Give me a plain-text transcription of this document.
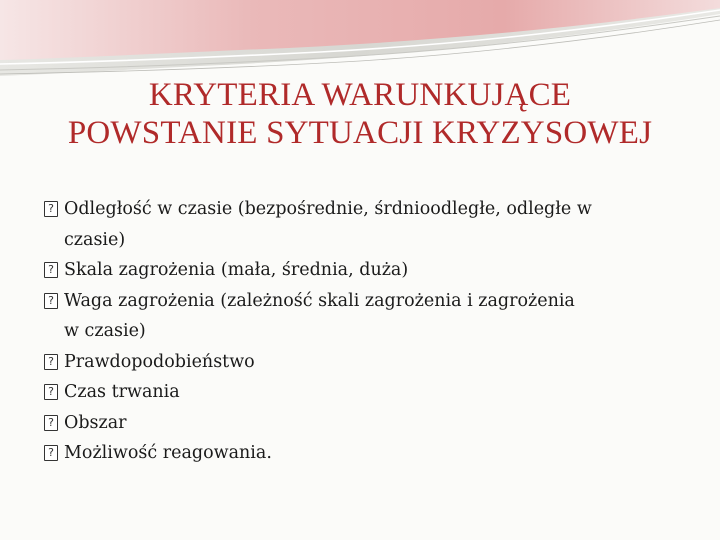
KRYTERIA WARUNKUJĄCE
POWSTANIE SYTUACJI KRYZYSOWEJ
?
Odległość w czasie (bezpośrednie, śrdnioodległe, odległe w
czasie)
?
Skala zagrożenia (mała, średnia, duża)
?
Waga zagrożenia (zależność skali zagrożenia i zagrożenia
w czasie)
?
Prawdopodobieństwo
?
Czas trwania
?
Obszar
?
Możliwość reagowania.
